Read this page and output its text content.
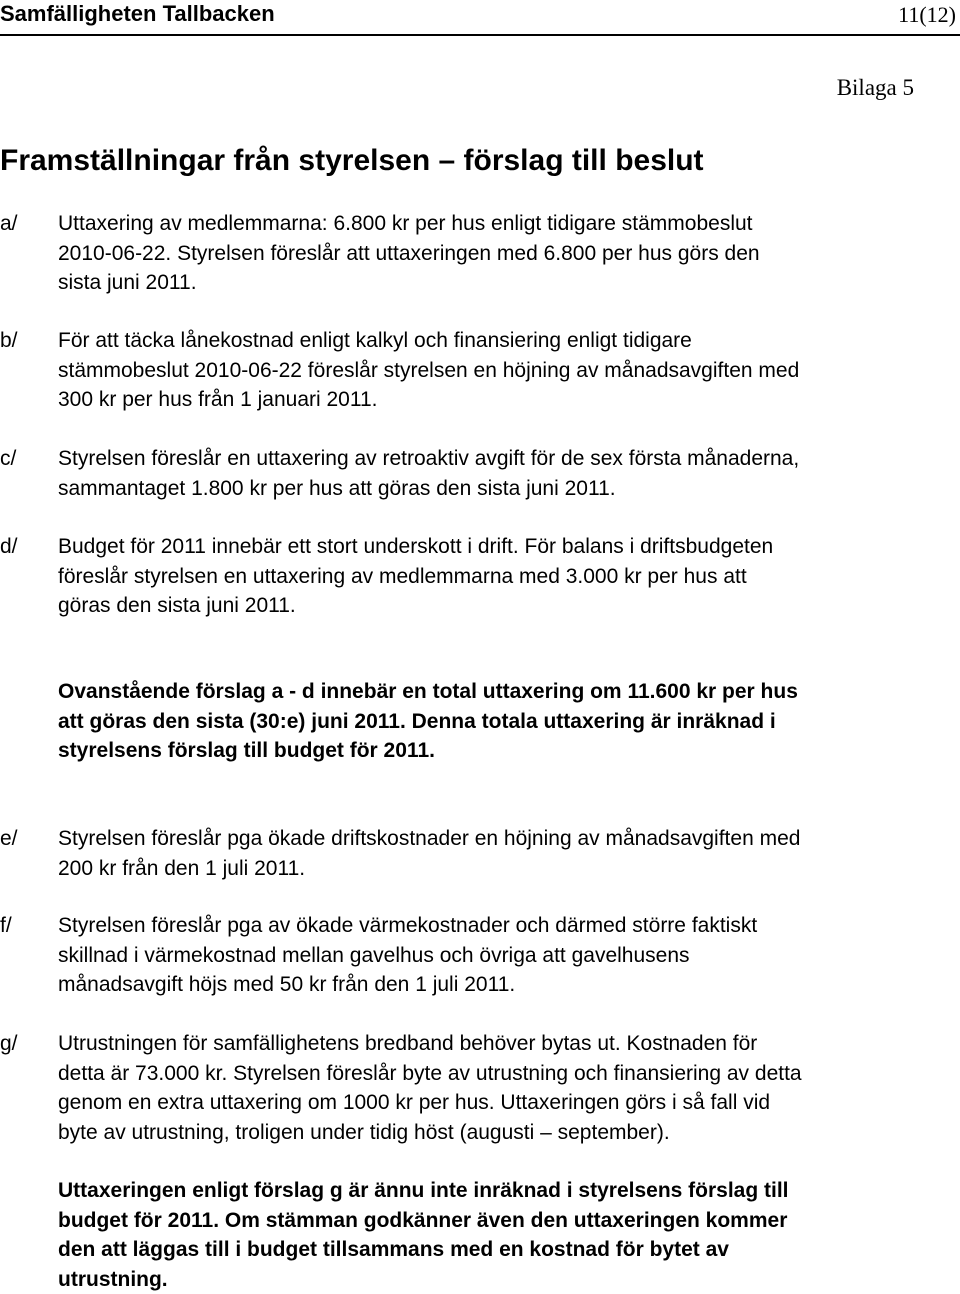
Samfälligheten Tallbacken	11(12)
Bilaga 5
Framställningar från styrelsen – förslag till beslut
a/ Uttaxering av medlemmarna: 6.800 kr per hus enligt tidigare stämmobeslut
2010-06-22. Styrelsen föreslår att uttaxeringen med 6.800 per hus görs den
sista juni 2011.
b/ För att täcka lånekostnad enligt kalkyl och finansiering enligt tidigare
stämmobeslut 2010-06-22 föreslår styrelsen en höjning av månadsavgiften med
300 kr per hus från 1 januari 2011.
c/ Styrelsen föreslår en uttaxering av retroaktiv avgift för de sex första månaderna,
sammantaget 1.800 kr per hus att göras den sista juni 2011.
d/ Budget för 2011 innebär ett stort underskott i drift. För balans i driftsbudgeten
föreslår styrelsen en uttaxering av medlemmarna med 3.000 kr per hus att
göras den sista juni 2011.
Ovanstående förslag a - d innebär en total uttaxering om 11.600 kr per hus
att göras den sista (30:e) juni 2011. Denna totala uttaxering är inräknad i
styrelsens förslag till budget för 2011.
e/ Styrelsen föreslår pga ökade driftskostnader en höjning av månadsavgiften med
200 kr från den 1 juli 2011.
f/ Styrelsen föreslår pga av ökade värmekostnader och därmed större faktiskt
skillnad i värmekostnad mellan gavelhus och övriga att gavelhusens
månadsavgift höjs med 50 kr från den 1 juli 2011.
g/ Utrustningen för samfällighetens bredband behöver bytas ut. Kostnaden för
detta är 73.000 kr. Styrelsen föreslår byte av utrustning och finansiering av detta
genom en extra uttaxering om 1000 kr per hus. Uttaxeringen görs i så fall vid
byte av utrustning, troligen under tidig höst (augusti – september).
Uttaxeringen enligt förslag g är ännu inte inräknad i styrelsens förslag till
budget för 2011. Om stämman godkänner även den uttaxeringen kommer
den att läggas till i budget tillsammans med en kostnad för bytet av
utrustning.
